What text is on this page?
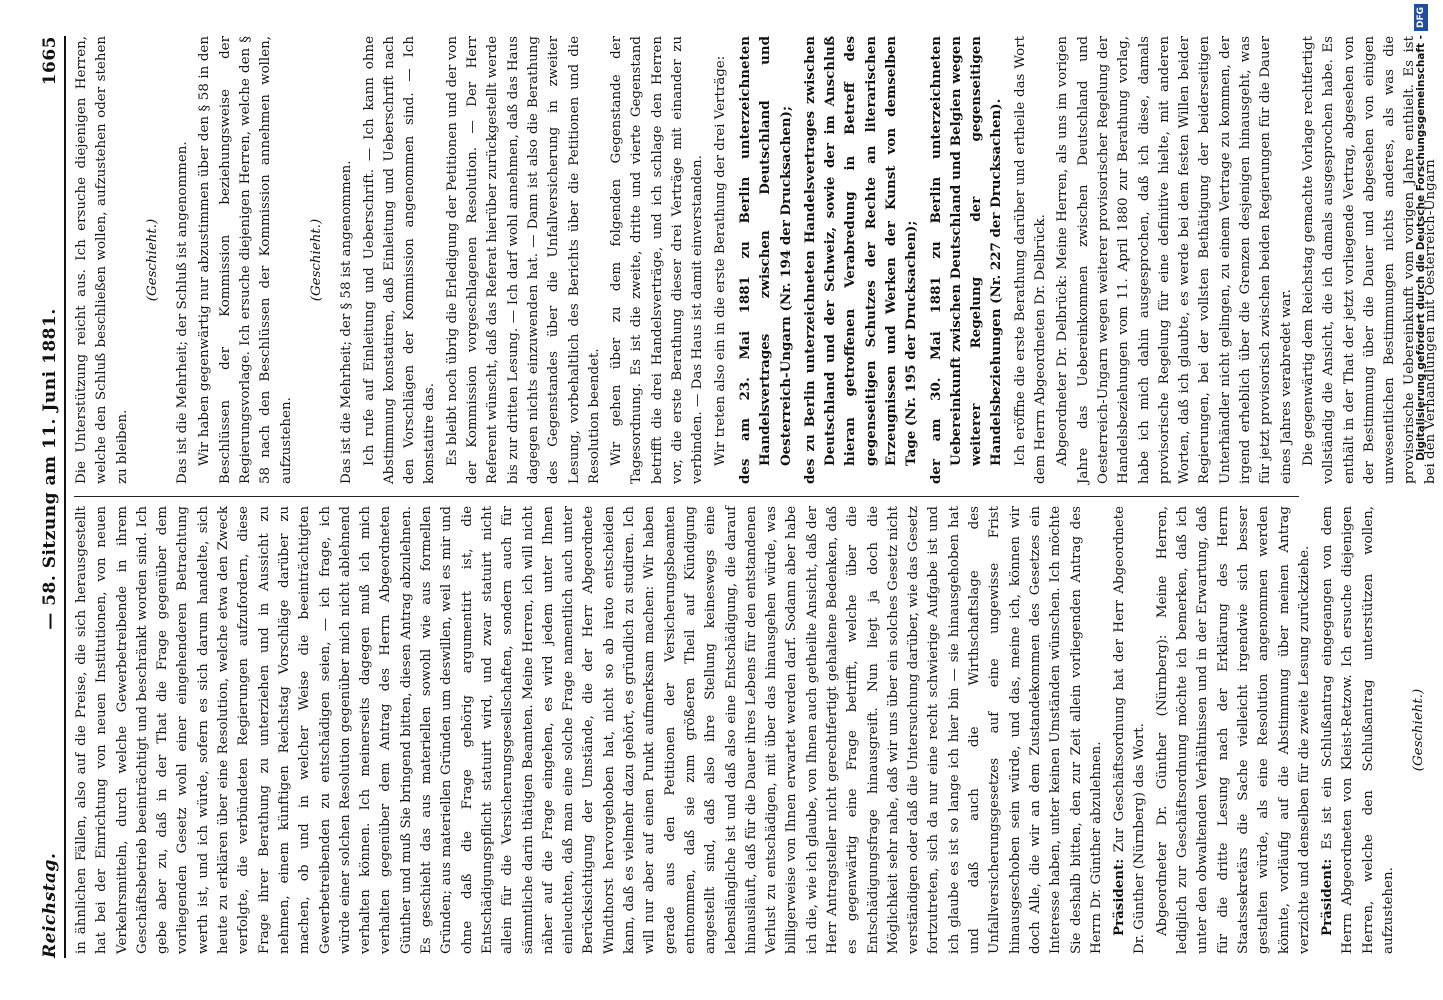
Reichstag.
— 58. Sitzung am 11. Juni 1881.
1665

in ähnlichen Fällen, also auf die Preise, die sich herausgestellt hat bei der Einrichtung von neuen Institutionen, von neuen Verkehrsmitteln, durch welche Gewerbetreibende in ihrem Geschäftsbetrieb beeinträchtigt und beschränkt worden sind. Ich gebe aber zu, daß in der That die Frage gegenüber dem vorliegenden Gesetz wohl einer eingehenderen Betrachtung werth ist, und ich würde, sofern es sich darum handelte, sich heute zu erklären über eine Resolution, welche etwa den Zweck verfolgte, die verbündeten Regierungen aufzufordern, diese Frage ihrer Berathung zu unterziehen und in Aussicht zu nehmen, einem künftigen Reichstag Vorschläge darüber zu machen, ob und in welcher Weise die beeinträchtigten Gewerbetreibenden zu entschädigen seien, — ich frage, ich würde einer solchen Resolution gegenüber mich nicht ablehnend verhalten können. Ich meinerseits dagegen muß ich mich verhalten gegenüber dem Antrag des Herrn Abgeordneten Günther und muß Sie bringend bitten, diesen Antrag abzulehnen. Es geschieht das aus materiellen sowohl wie aus formellen Gründen; aus materiellen Gründen um deswillen, weil es mir und ohne daß die Frage gehörig argumentirt ist, die Entschädigungspflicht statuirt wird, und zwar statuirt nicht allein für die Versicherungsgesellschaften, sondern auch für sämmtliche darin thätigen Beamten. Meine Herren, ich will nicht näher auf die Frage eingehen, es wird jedem unter Ihnen einleuchten, daß man eine solche Frage namentlich auch unter Berücksichtigung der Umstände, die der Herr Abgeordnete Windthorst hervorgehoben hat, nicht so ab irato entscheiden kann, daß es vielmehr dazu gehört, es gründlich zu studiren. Ich will nur aber auf einen Punkt aufmerksam machen: Wir haben gerade aus den Petitionen der Versicherungsbeamten entnommen, daß sie zum größeren Theil auf Kündigung angestellt sind, daß also ihre Stellung keineswegs eine lebenslängliche ist und daß also eine Entschädigung, die darauf hinausläuft, daß für die Dauer ihres Lebens für den entstandenen Verlust zu entschädigen, mit über das hinausgehen würde, was billigerweise von Ihnen erwartet werden darf. Sodann aber habe ich die, wie ich glaube, von Ihnen auch getheilte Ansicht, daß der Herr Antragsteller nicht gerechtfertigt gehaltene Bedenken, daß es gegenwärtig eine Frage betrifft, welche über die Entschädigungsfrage hinausgreift. Nun liegt ja doch die Möglichkeit sehr nahe, daß wir uns über ein solches Gesetz nicht verständigen oder daß die Untersuchung darüber, wie das Gesetz fortzutreten, sich da nur eine recht schwierige Aufgabe ist und ich glaube es ist so lange ich hier bin — sie hinausgehoben hat und daß auch die Wirthschaftslage des Unfallversicherungsgesetzes auf eine ungewisse Frist hinausgeschoben sein würde, und das, meine ich, können wir doch Alle, die wir an dem Zustandekommen des Gesetzes ein Interesse haben, unter keinen Umständen wünschen. Ich möchte Sie deshalb bitten, den zur Zeit allein vorliegenden Antrag des Herrn Dr. Günther abzulehnen. Präsident: Zur Geschäftsordnung hat der Herr Abgeordnete Dr. Günther (Nürnberg) das Wort. Abgeordneter Dr. Günther (Nürnberg): Meine Herren, lediglich zur Geschäftsordnung möchte ich bemerken, daß ich unter den obwaltenden Verhältnissen und in der Erwartung, daß für die dritte Lesung nach der Erklärung des Herrn Staatssekretärs die Sache vielleicht irgendwie sich besser gestalten würde, als eine Resolution angenommen werden könnte, vorläufig auf die Abstimmung über meinen Antrag verzichte und denselben für die zweite Lesung zurückziehe. Präsident: Es ist ein Schlußantrag eingegangen von dem Herrn Abgeordneten von Kleist-Retzow. Ich ersuche diejenigen Herren, welche den Schlußantrag unterstützen wollen, aufzustehen.

(Geschieht.)

Die Unterstützung reicht aus. Ich ersuche diejenigen Herren, welche den Schluß beschließen wollen, aufzustehen oder stehen zu bleiben.

(Geschieht.) Das ist die Mehrheit; der Schluß ist angenommen. Wir haben gegenwärtig nur abzustimmen über den § 58 in den Beschlüssen der Kommission beziehungsweise der Regierungsvorlage. Ich ersuche diejenigen Herren, welche den § 58 nach den Beschlüssen der Kommission annehmen wollen, aufzustehen.

(Geschieht.) Das ist die Mehrheit; der § 58 ist angenommen. Ich rufe auf Einleitung und Ueberschrift. — Ich kann ohne Abstimmung konstatiren, daß Einleitung und Ueberschrift nach den Vorschlägen der Kommission angenommen sind. — Ich konstatire das. Es bleibt noch übrig die Erledigung der Petitionen und der von der Kommission vorgeschlagenen Resolution. — Der Herr Referent wünscht, daß das Referat hierüber zurückgestellt werde bis zur dritten Lesung. — Ich darf wohl annehmen, daß das Haus dagegen nichts einzuwenden hat. — Dann ist also die Berathung des Gegenstandes über die Unfallversicherung in zweiter Lesung, vorbehaltlich des Berichts über die Petitionen und die Resolution beendet. Wir gehen über zu dem folgenden Gegenstande der Tagesordnung. Es ist die zweite, dritte und vierte Gegenstand betrifft die drei Handelsverträge, und ich schlage den Herren vor, die erste Berathung dieser drei Verträge mit einander zu verbinden. — Das Haus ist damit einverstanden. Wir treten also ein in die erste Berathung der drei Verträge: des am 23. Mai 1881 zu Berlin unterzeichneten Handelsvertrages zwischen Deutschland und Oesterreich-Ungarn (Nr. 194 der Drucksachen); des zu Berlin unterzeichneten Handelsvertrages zwischen Deutschland und der Schweiz, sowie der im Anschluß hieran getroffenen Verabredung in Betreff des gegenseitigen Schutzes der Rechte an literarischen Erzeugnissen und Werken der Kunst von demselben Tage (Nr. 195 der Drucksachen); der am 30. Mai 1881 zu Berlin unterzeichneten Uebereinkunft zwischen Deutschland und Belgien wegen weiterer Regelung der gegenseitigen Handelsbeziehungen (Nr. 227 der Drucksachen). Ich eröffne die erste Berathung darüber und ertheile das Wort dem Herrn Abgeordneten Dr. Delbrück. Abgeordneter Dr. Delbrück: Meine Herren, als uns im vorigen Jahre das Uebereinkommen zwischen Deutschland und Oesterreich-Ungarn wegen weiterer provisorischer Regelung der Handelsbeziehungen vom 11. April 1880 zur Berathung vorlag, habe ich mich dahin ausgesprochen, daß ich diese, damals provisorische Regelung für eine definitive hielte, mit anderen Worten, daß ich glaubte, es werde bei dem festen Willen beider Regierungen, bei der vollsten Bethätigung der beiderseitigen Unterhändler nicht gelingen, zu einem Vertrage zu kommen, der irgend erheblich über die Grenzen desjenigen hinausgeht, was für jetzt provisorisch zwischen beiden Regierungen für die Dauer eines Jahres verabredet war. Die gegenwärtig dem Reichstag gemachte Vorlage rechtfertigt vollständig die Ansicht, die ich damals ausgesprochen habe. Es enthält in der That der jetzt vorliegende Vertrag, abgesehen von der Bestimmung über die Dauer und abgesehen von einigen unwesentlichen Bestimmungen nichts anderes, als was die provisorische Uebereinkunft vom vorigen Jahre enthielt. Es ist bei den Verhandlungen mit Oesterreich-Ungarn

Digitalisierung gefördert durch die Deutsche Forschungsgemeinschaft -
DFG
